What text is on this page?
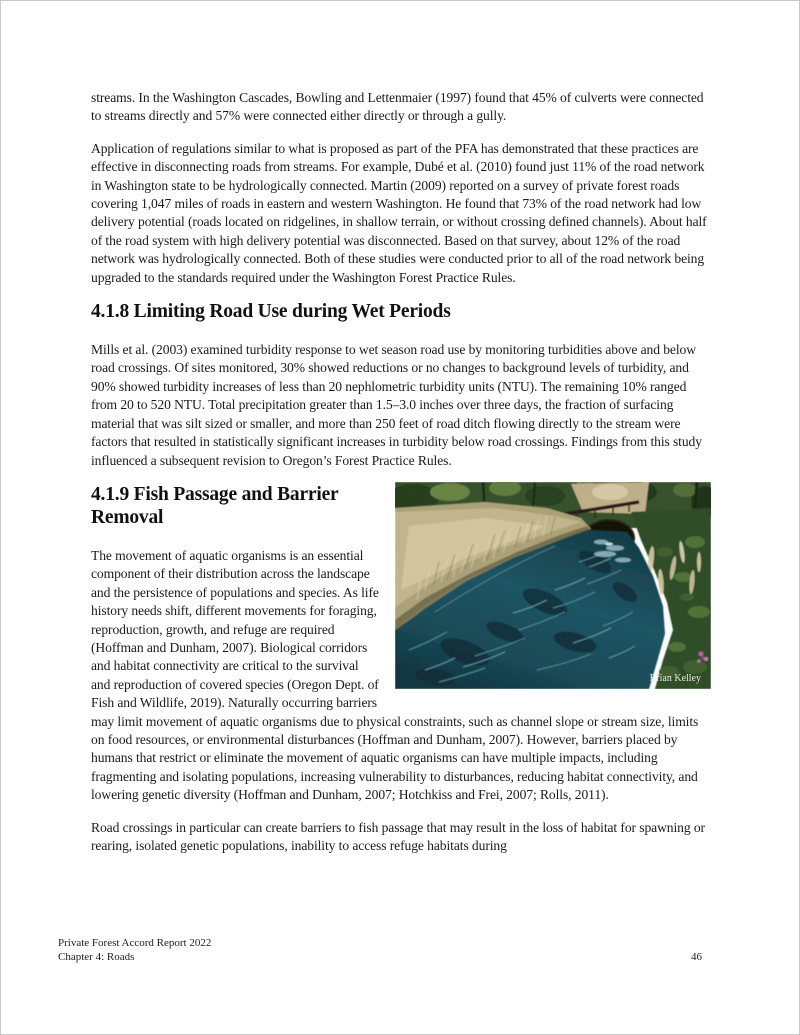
streams. In the Washington Cascades, Bowling and Lettenmaier (1997) found that 45% of culverts were connected to streams directly and 57% were connected either directly or through a gully.

Application of regulations similar to what is proposed as part of the PFA has demonstrated that these practices are effective in disconnecting roads from streams. For example, Dubé et al. (2010) found just 11% of the road network in Washington state to be hydrologically connected. Martin (2009) reported on a survey of private forest roads covering 1,047 miles of roads in eastern and western Washington. He found that 73% of the road network had low delivery potential (roads located on ridgelines, in shallow terrain, or without crossing defined channels). About half of the road system with high delivery potential was disconnected. Based on that survey, about 12% of the road network was hydrologically connected. Both of these studies were conducted prior to all of the road network being upgraded to the standards required under the Washington Forest Practice Rules.

4.1.8 Limiting Road Use during Wet Periods

Mills et al. (2003) examined turbidity response to wet season road use by monitoring turbidities above and below road crossings. Of sites monitored, 30% showed reductions or no changes to background levels of turbidity, and 90% showed turbidity increases of less than 20 nephlometric turbidity units (NTU). The remaining 10% ranged from 20 to 520 NTU. Total precipitation greater than 1.5–3.0 inches over three days, the fraction of surfacing material that was silt sized or smaller, and more than 250 feet of road ditch flowing directly to the stream were factors that resulted in statistically significant increases in turbidity below road crossings. Findings from this study influenced a subsequent revision to Oregon’s Forest Practice Rules.

Brian Kelley
4.1.9 Fish Passage and Barrier Removal

The movement of aquatic organisms is an essential component of their distribution across the landscape and the persistence of populations and species. As life history needs shift, different movements for foraging, reproduction, growth, and refuge are required (Hoffman and Dunham, 2007). Biological corridors and habitat connectivity are critical to the survival and reproduction of covered species (Oregon Dept. of Fish and Wildlife, 2019). Naturally occurring barriers may limit movement of aquatic organisms due to physical constraints, such as channel slope or stream size, limits on food resources, or environmental disturbances (Hoffman and Dunham, 2007). However, barriers placed by humans that restrict or eliminate the movement of aquatic organisms can have multiple impacts, including fragmenting and isolating populations, increasing vulnerability to disturbances, reducing habitat connectivity, and lowering genetic diversity (Hoffman and Dunham, 2007; Hotchkiss and Frei, 2007; Rolls, 2011).

Road crossings in particular can create barriers to fish passage that may result in the loss of habitat for spawning or rearing, isolated genetic populations, inability to access refuge habitats during

Private Forest Accord Report 2022
Chapter 4: Roads	46
